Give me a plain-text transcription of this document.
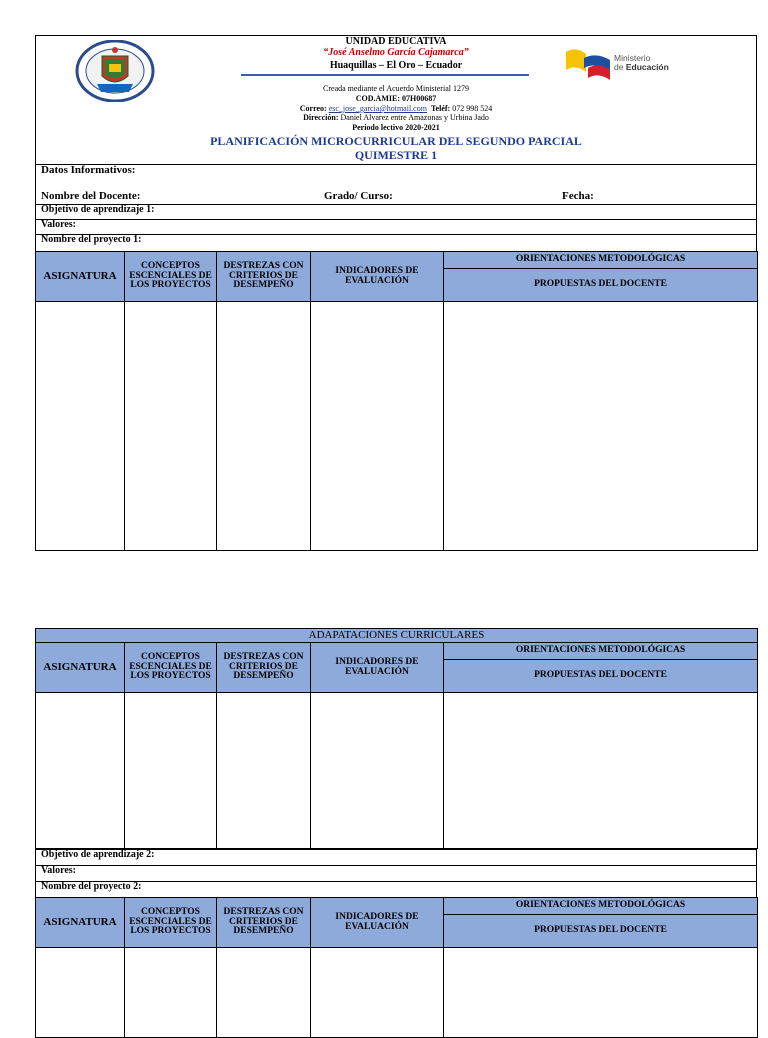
UNIDAD EDUCATIVA
“José Anselmo García Cajamarca”
Huaquillas – El Oro – Ecuador
Creada mediante el Acuerdo Ministerial 1279
COD.AMIE: 07H00687
Correo: esc_jose_garcia@hotmail.com Teléf: 072 998 524
Dirección: Daniel Alvarez entre Amazonas y Urbina Jado
Periodo lectivo 2020-2021
PLANIFICACIÓN MICROCURRICULAR DEL SEGUNDO PARCIAL
QUIMESTRE 1
Ministerio
de Educación
Datos Informativos:
Nombre del Docente:	Grado/ Curso:	Fecha:
Objetivo de aprendizaje 1:
Valores:
Nombre del proyecto 1:
ASIGNATURA	CONCEPTOS ESCENCIALES DE LOS PROYECTOS	DESTREZAS CON CRITERIOS DE DESEMPEÑO	INDICADORES DE EVALUACIÓN	ORIENTACIONES METODOLÓGICAS
				PROPUESTAS DEL DOCENTE

ADAPATACIONES CURRICULARES				
ASIGNATURA	CONCEPTOS ESCENCIALES DE LOS PROYECTOS	DESTREZAS CON CRITERIOS DE DESEMPEÑO	INDICADORES DE EVALUACIÓN	ORIENTACIONES METODOLÓGICAS
				PROPUESTAS DEL DOCENTE

Objetivo de aprendizaje 2:
Valores:
Nombre del proyecto 2:
ASIGNATURA	CONCEPTOS ESCENCIALES DE LOS PROYECTOS	DESTREZAS CON CRITERIOS DE DESEMPEÑO	INDICADORES DE EVALUACIÓN	ORIENTACIONES METODOLÓGICAS
				PROPUESTAS DEL DOCENTE
